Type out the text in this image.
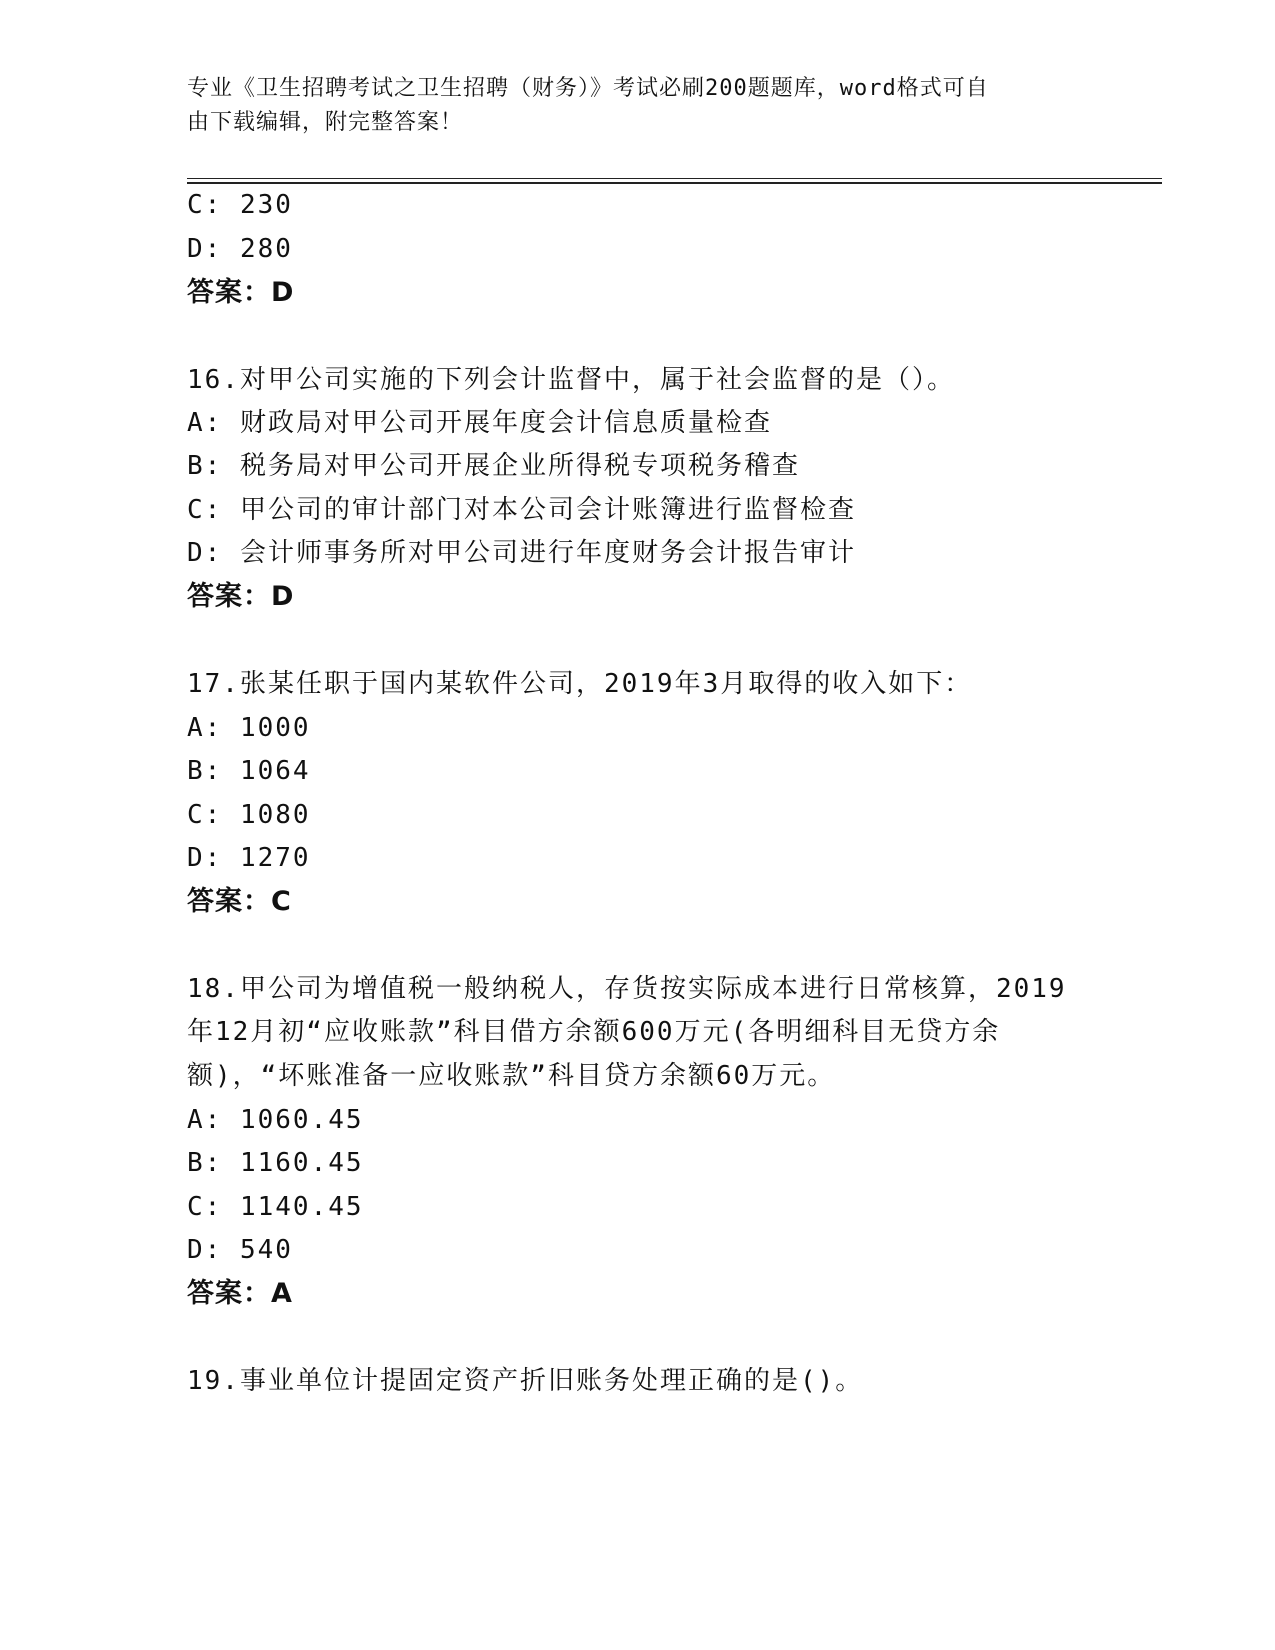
专业《卫生招聘考试之卫生招聘（财务）》考试必刷200题题库，word格式可自
由下载编辑，附完整答案！
C: 230
D: 280
答案：D
16.对甲公司实施的下列会计监督中，属于社会监督的是（）。
A: 财政局对甲公司开展年度会计信息质量检查
B: 税务局对甲公司开展企业所得税专项税务稽查
C: 甲公司的审计部门对本公司会计账簿进行监督检查
D: 会计师事务所对甲公司进行年度财务会计报告审计
答案：D
17.张某任职于国内某软件公司，2019年3月取得的收入如下：
A: 1000
B: 1064
C: 1080
D: 1270
答案：C
18.甲公司为增值税一般纳税人，存货按实际成本进行日常核算，2019
年12月初“应收账款”科目借方余额600万元(各明细科目无贷方余
额)，“坏账准备一应收账款”科目贷方余额60万元。
A: 1060.45
B: 1160.45
C: 1140.45
D: 540
答案：A
19.事业单位计提固定资产折旧账务处理正确的是()。
